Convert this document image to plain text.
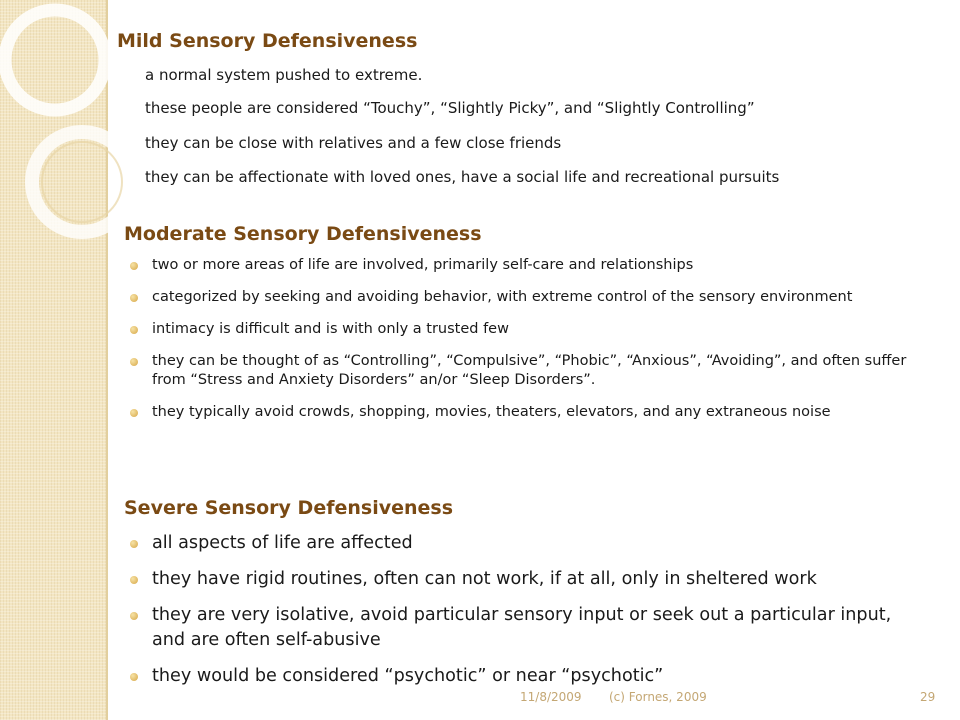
Mild Sensory Defensiveness

a normal system pushed to extreme.

these people are considered “Touchy”, “Slightly Picky”, and “Slightly Controlling”

they can be close with relatives and a few close friends

they can be affectionate with loved ones, have a social life and recreational pursuits

Moderate Sensory Defensiveness
two or more areas of life are involved, primarily self-care and relationships
categorized by seeking and avoiding behavior, with extreme control of the sensory environment
intimacy is difficult and is with only a trusted few
they can be thought of as “Controlling”, “Compulsive”, “Phobic”, “Anxious”, “Avoiding”, and often suffer from “Stress and Anxiety Disorders” an/or “Sleep Disorders”.
they typically avoid crowds, shopping, movies, theaters, elevators, and any extraneous noise
Severe Sensory Defensiveness
all aspects of life are affected
they have rigid routines, often can not work, if at all, only in sheltered work
they are very isolative, avoid particular sensory input or seek out a particular input, and are often self-abusive
they would be considered “psychotic” or near “psychotic”
11/8/2009 (c) Fornes, 2009	29
